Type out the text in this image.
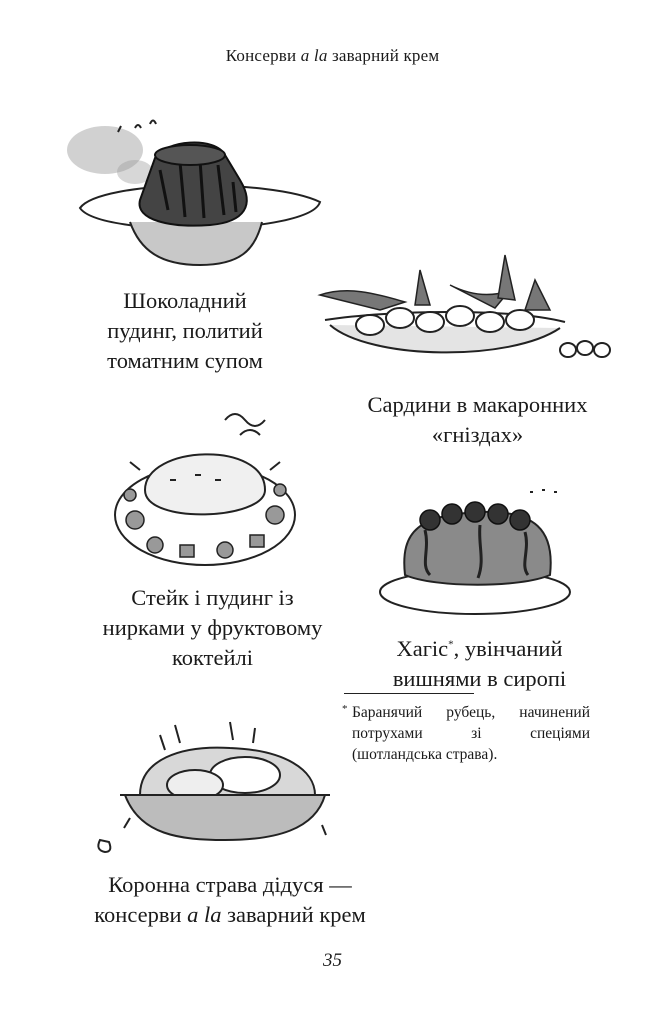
Консерви a la заварний крем
Шоколадний
пудинг, политий
томатним супом
Сардини в макаронних
«гніздах»
Стейк і пудинг із
нирками у фруктовому
коктейлі	Хагіс*, увінчаний
вишнями в сиропі
* Баранячий рубець, начинений потрухами зі спеціями (шотландська страва).
Коронна страва дідуся —
консерви a la заварний крем
35
